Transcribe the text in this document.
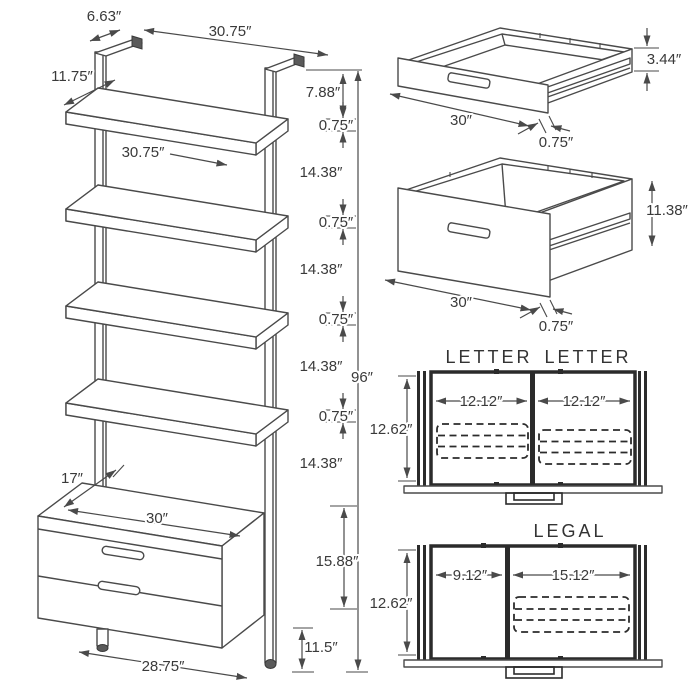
6.63″
30.75″
11.75″
7.88″
0.75″
14.38″
0.75″
14.38″
0.75″
14.38″
0.75″
14.38″
30.75″
96″
17″
30″
15.88″
11.5″
28.75″
3.44″
30″
0.75″
11.38″
30″
0.75″
LETTER LETTER
12.62″
12.12″	12.12″
LEGAL
12.62″
9.12″	15.12″
